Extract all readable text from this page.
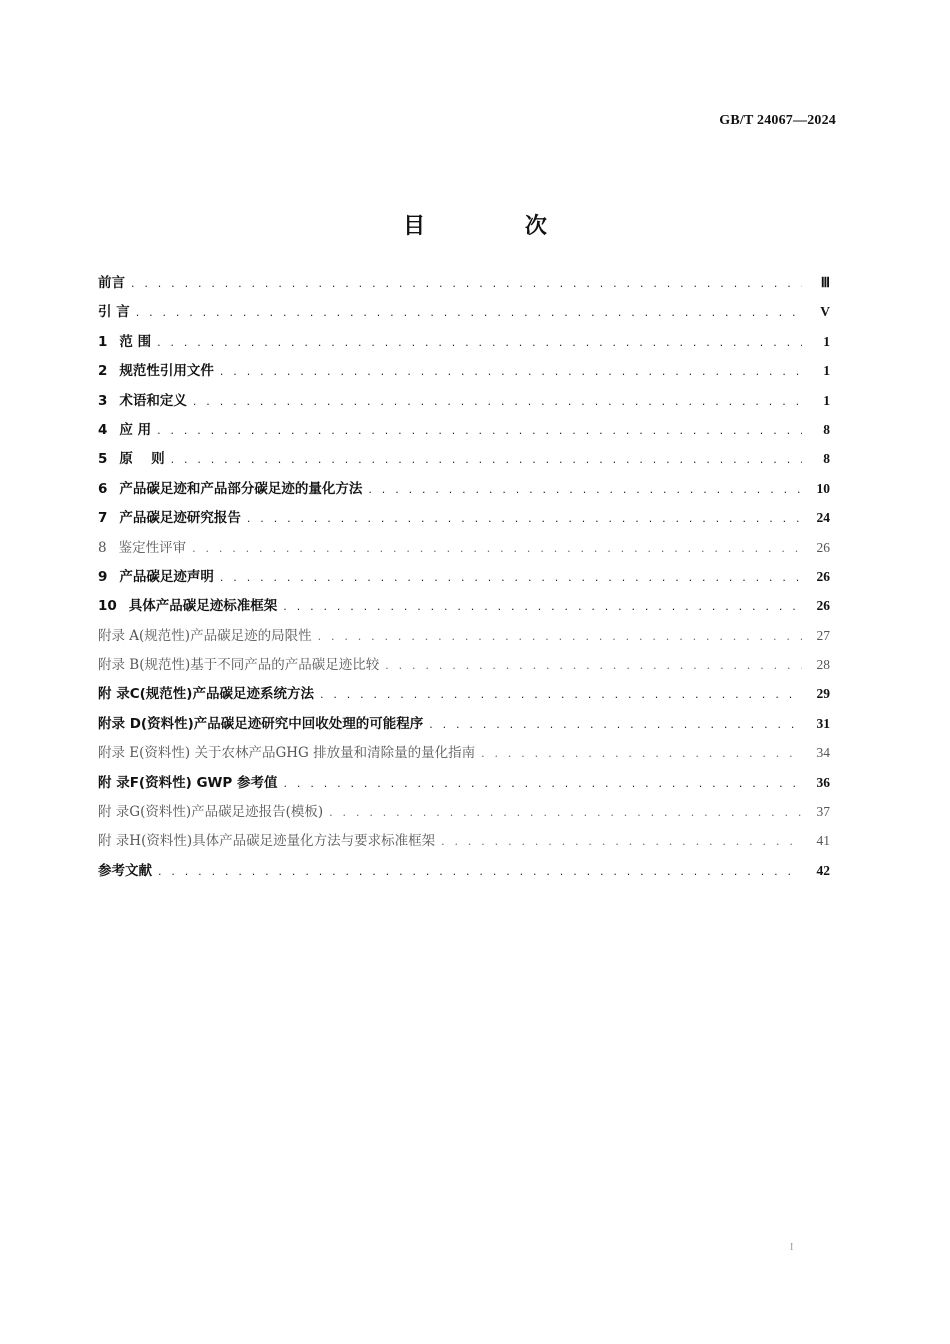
GB/T 24067—2024
目 次
前言 . . .	Ⅲ
引 言 . . .	V
1 范 围 . . .	1
2 规范性引用文件 . . .	1
3 术语和定义 . . .	1
4 应 用 . . .	8
5 原　 则 . . .	8
6 产品碳足迹和产品部分碳足迹的量化方法 . . .	10
7 产品碳足迹研究报告 . . .	24
8 鉴定性评审 . . .	26
9 产品碳足迹声明 . . .	26
10 具体产品碳足迹标准框架 . . .	26
附录 A(规范性)产品碳足迹的局限性 . . .	27
附录 B(规范性)基于不同产品的产品碳足迹比较 . . .	28
附 录C(规范性)产品碳足迹系统方法 . . .	29
附录 D(资料性)产品碳足迹研究中回收处理的可能程序 . . .	31
附录 E(资料性) 关于农林产品GHG 排放量和清除量的量化指南 . . .	34
附 录F(资料性) GWP 参考值 . . .	36
附 录G(资料性)产品碳足迹报告(模板) . . .	37
附 录H(资料性)具体产品碳足迹量化方法与要求标准框架 . . .	41
参考文献 . . .	42
I
